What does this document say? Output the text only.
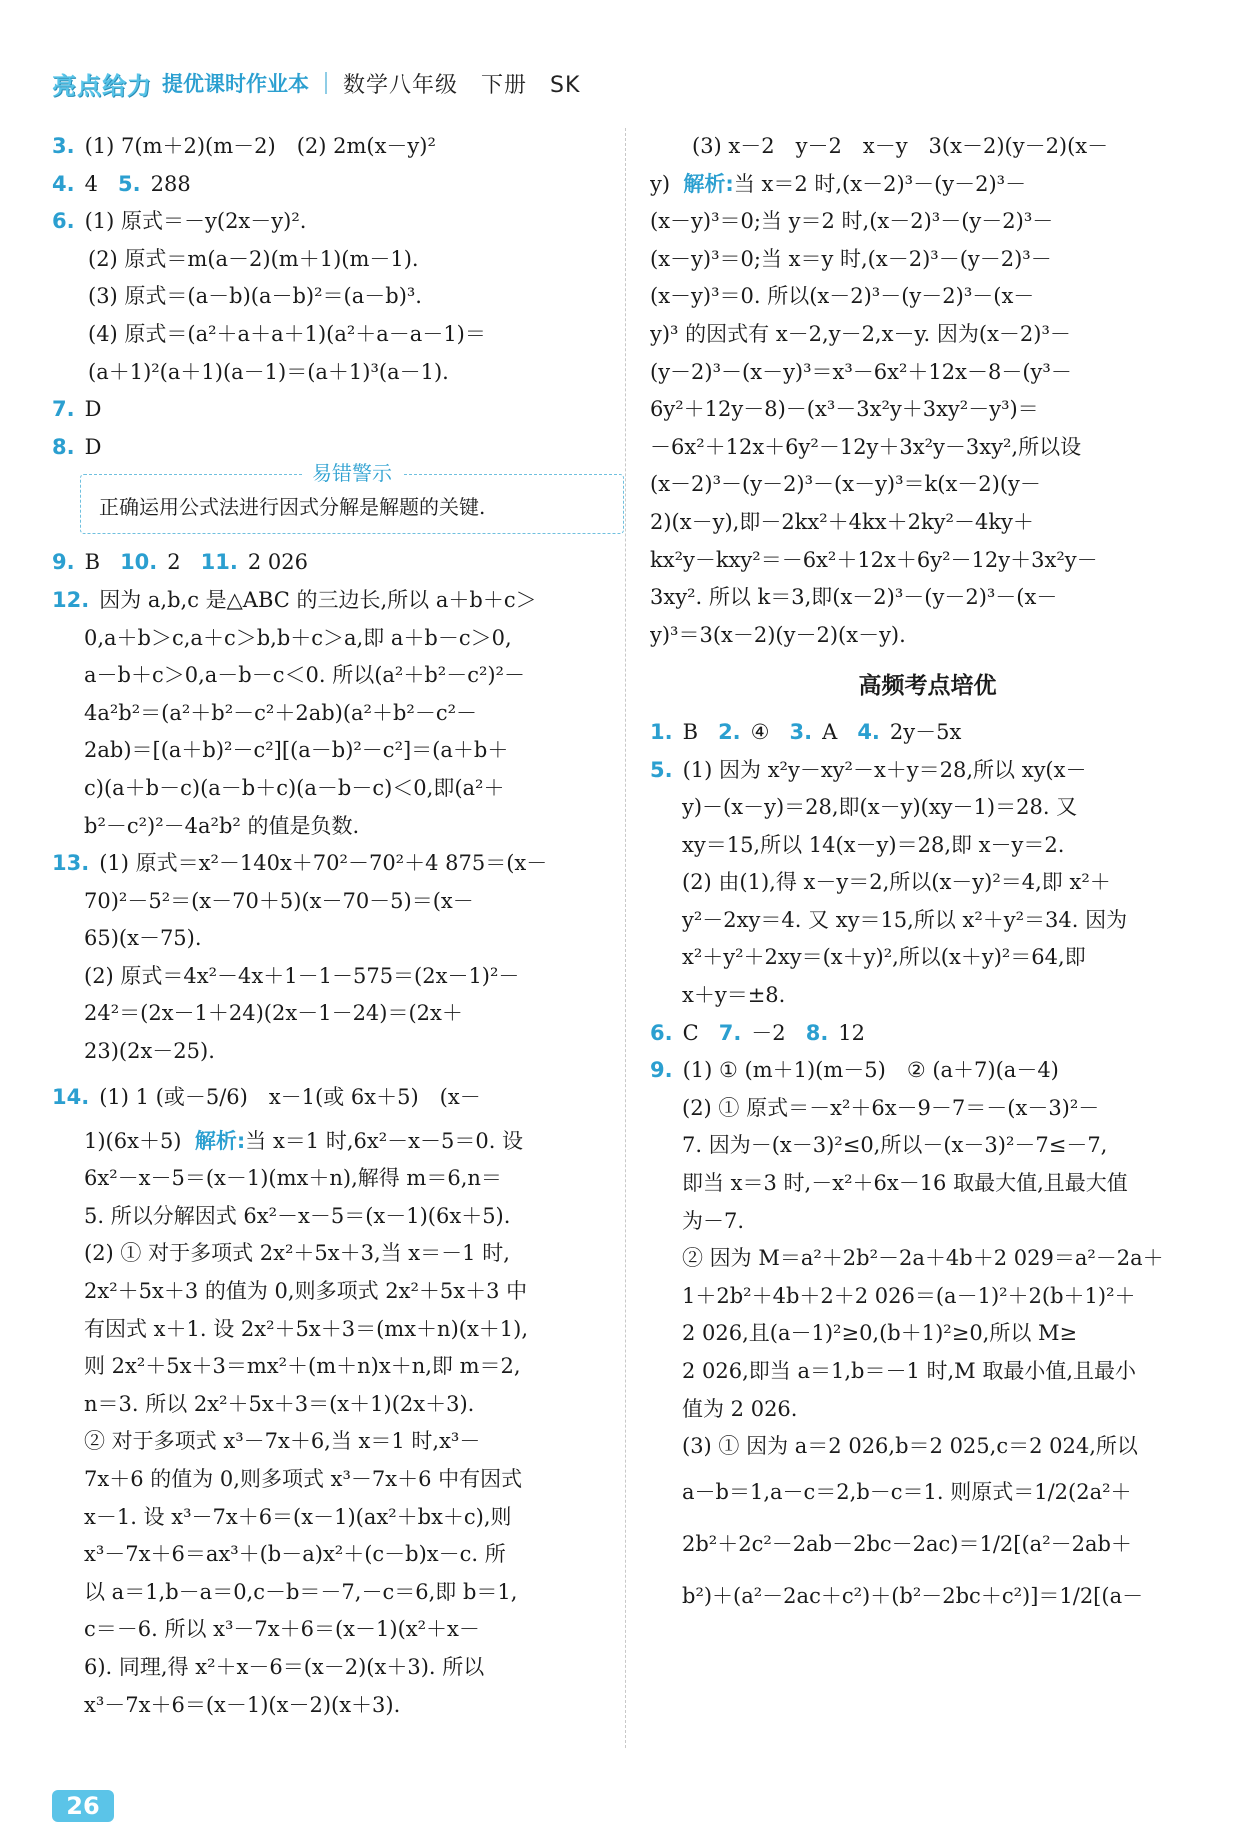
亮点给力 提优课时作业本 数学八年级　下册　SK
3. (1) 7(m＋2)(m－2)　(2) 2m(x－y)²
4. 4 5. 288
6. (1) 原式＝－y(2x－y)².
(2) 原式＝m(a－2)(m＋1)(m－1).
(3) 原式＝(a－b)(a－b)²＝(a－b)³.
(4) 原式＝(a²＋a＋a＋1)(a²＋a－a－1)＝
(a＋1)²(a＋1)(a－1)＝(a＋1)³(a－1).
7. D
8. D
易错警示
正确运用公式法进行因式分解是解题的关键.
9. B 10. 2 11. 2 026
12. 因为 a,b,c 是△ABC 的三边长,所以 a＋b＋c＞
0,a＋b＞c,a＋c＞b,b＋c＞a,即 a＋b－c＞0,
a－b＋c＞0,a－b－c＜0. 所以(a²＋b²－c²)²－
4a²b²＝(a²＋b²－c²＋2ab)(a²＋b²－c²－
2ab)＝[(a＋b)²－c²][(a－b)²－c²]＝(a＋b＋
c)(a＋b－c)(a－b＋c)(a－b－c)＜0,即(a²＋
b²－c²)²－4a²b² 的值是负数.
13. (1) 原式＝x²－140x＋70²－70²＋4 875＝(x－
70)²－5²＝(x－70＋5)(x－70－5)＝(x－
65)(x－75).
(2) 原式＝4x²－4x＋1－1－575＝(2x－1)²－
24²＝(2x－1＋24)(2x－1－24)＝(2x＋
23)(2x－25).
14. (1) 1 (或－5/6)　x－1(或 6x＋5)　(x－
1)(6x＋5) 解析:当 x＝1 时,6x²－x－5＝0. 设
6x²－x－5＝(x－1)(mx＋n),解得 m＝6,n＝
5. 所以分解因式 6x²－x－5＝(x－1)(6x＋5).
(2) ① 对于多项式 2x²＋5x＋3,当 x＝－1 时,
2x²＋5x＋3 的值为 0,则多项式 2x²＋5x＋3 中
有因式 x＋1. 设 2x²＋5x＋3＝(mx＋n)(x＋1),
则 2x²＋5x＋3＝mx²＋(m＋n)x＋n,即 m＝2,
n＝3. 所以 2x²＋5x＋3＝(x＋1)(2x＋3).
② 对于多项式 x³－7x＋6,当 x＝1 时,x³－
7x＋6 的值为 0,则多项式 x³－7x＋6 中有因式
x－1. 设 x³－7x＋6＝(x－1)(ax²＋bx＋c),则
x³－7x＋6＝ax³＋(b－a)x²＋(c－b)x－c. 所
以 a＝1,b－a＝0,c－b＝－7,－c＝6,即 b＝1,
c＝－6. 所以 x³－7x＋6＝(x－1)(x²＋x－
6). 同理,得 x²＋x－6＝(x－2)(x＋3). 所以
x³－7x＋6＝(x－1)(x－2)(x＋3).
(3) x－2　y－2　x－y　3(x－2)(y－2)(x－
y) 解析:当 x＝2 时,(x－2)³－(y－2)³－
(x－y)³＝0;当 y＝2 时,(x－2)³－(y－2)³－
(x－y)³＝0;当 x＝y 时,(x－2)³－(y－2)³－
(x－y)³＝0. 所以(x－2)³－(y－2)³－(x－
y)³ 的因式有 x－2,y－2,x－y. 因为(x－2)³－
(y－2)³－(x－y)³＝x³－6x²＋12x－8－(y³－
6y²＋12y－8)－(x³－3x²y＋3xy²－y³)＝
－6x²＋12x＋6y²－12y＋3x²y－3xy²,所以设
(x－2)³－(y－2)³－(x－y)³＝k(x－2)(y－
2)(x－y),即－2kx²＋4kx＋2ky²－4ky＋
kx²y－kxy²＝－6x²＋12x＋6y²－12y＋3x²y－
3xy². 所以 k＝3,即(x－2)³－(y－2)³－(x－
y)³＝3(x－2)(y－2)(x－y).
高频考点培优
1. B 2. ④ 3. A 4. 2y－5x
5. (1) 因为 x²y－xy²－x＋y＝28,所以 xy(x－
y)－(x－y)＝28,即(x－y)(xy－1)＝28. 又
xy＝15,所以 14(x－y)＝28,即 x－y＝2.
(2) 由(1),得 x－y＝2,所以(x－y)²＝4,即 x²＋
y²－2xy＝4. 又 xy＝15,所以 x²＋y²＝34. 因为
x²＋y²＋2xy＝(x＋y)²,所以(x＋y)²＝64,即
x＋y＝±8.
6. C 7. －2 8. 12
9. (1) ① (m＋1)(m－5)　② (a＋7)(a－4)
(2) ① 原式＝－x²＋6x－9－7＝－(x－3)²－
7. 因为－(x－3)²≤0,所以－(x－3)²－7≤－7,
即当 x＝3 时,－x²＋6x－16 取最大值,且最大值
为－7.
② 因为 M＝a²＋2b²－2a＋4b＋2 029＝a²－2a＋
1＋2b²＋4b＋2＋2 026＝(a－1)²＋2(b＋1)²＋
2 026,且(a－1)²≥0,(b＋1)²≥0,所以 M≥
2 026,即当 a＝1,b＝－1 时,M 取最小值,且最小
值为 2 026.
(3) ① 因为 a＝2 026,b＝2 025,c＝2 024,所以
a－b＝1,a－c＝2,b－c＝1. 则原式＝1/2(2a²＋
2b²＋2c²－2ab－2bc－2ac)＝1/2[(a²－2ab＋
b²)＋(a²－2ac＋c²)＋(b²－2bc＋c²)]＝1/2[(a－
26
